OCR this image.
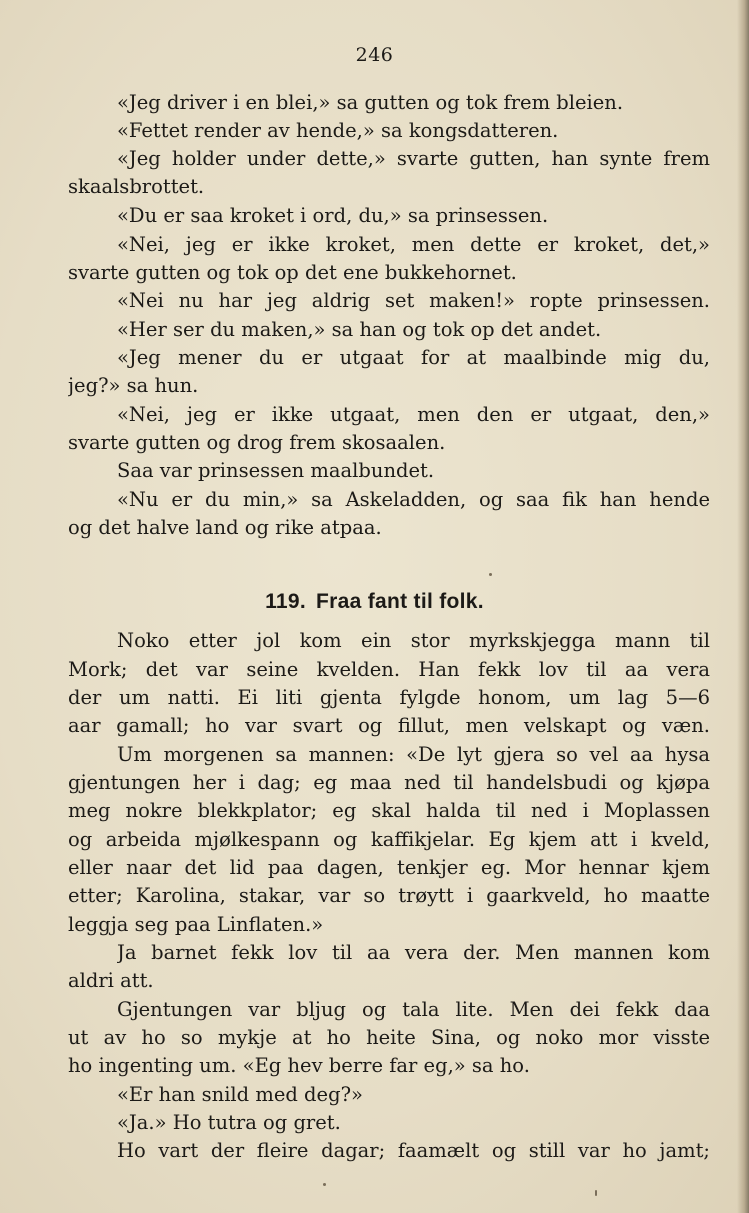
246
«Jeg driver i en blei,» sa gutten og tok frem bleien.
«Fettet render av hende,» sa kongsdatteren.
«Jeg holder under dette,» svarte gutten, han synte frem
skaalsbrottet.
«Du er saa kroket i ord, du,» sa prinsessen.
«Nei, jeg er ikke kroket, men dette er kroket, det,»
svarte gutten og tok op det ene bukkehornet.
«Nei nu har jeg aldrig set maken!» ropte prinsessen.
«Her ser du maken,» sa han og tok op det andet.
«Jeg mener du er utgaat for at maalbinde mig du,
jeg?» sa hun.
«Nei, jeg er ikke utgaat, men den er utgaat, den,»
svarte gutten og drog frem skosaalen.
Saa var prinsessen maalbundet.
«Nu er du min,» sa Askeladden, og saa fik han hende
og det halve land og rike atpaa.
119. Fraa fant til folk.
Noko etter jol kom ein stor myrkskjegga mann til
Mork; det var seine kvelden. Han fekk lov til aa vera
der um natti. Ei liti gjenta fylgde honom, um lag 5—6
aar gamall; ho var svart og fillut, men velskapt og væn.
Um morgenen sa mannen: «De lyt gjera so vel aa hysa
gjentungen her i dag; eg maa ned til handelsbudi og kjøpa
meg nokre blekkplator; eg skal halda til ned i Moplassen
og arbeida mjølkespann og kaffikjelar. Eg kjem att i kveld,
eller naar det lid paa dagen, tenkjer eg. Mor hennar kjem
etter; Karolina, stakar, var so trøytt i gaarkveld, ho maatte
leggja seg paa Linflaten.»
Ja barnet fekk lov til aa vera der. Men mannen kom
aldri att.
Gjentungen var bljug og tala lite. Men dei fekk daa
ut av ho so mykje at ho heite Sina, og noko mor visste
ho ingenting um. «Eg hev berre far eg,» sa ho.
«Er han snild med deg?»
«Ja.» Ho tutra og gret.
Ho vart der fleire dagar; faamælt og still var ho jamt;
